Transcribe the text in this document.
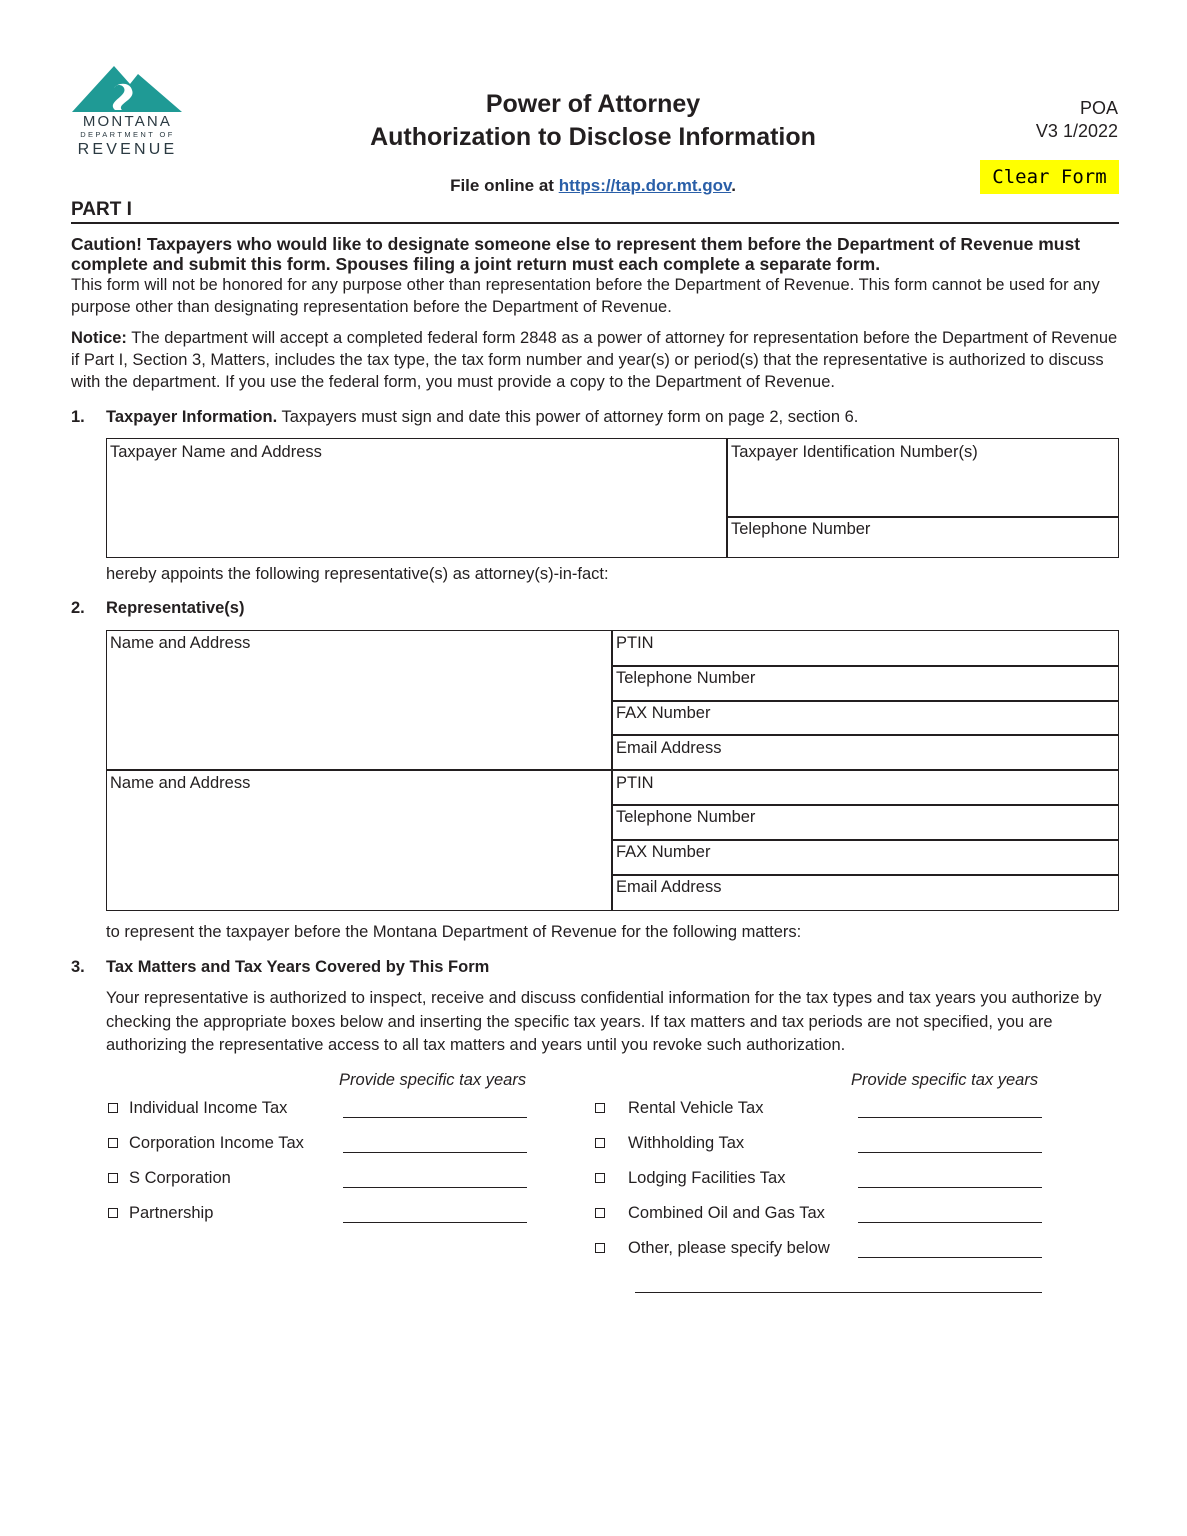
MONTANA
DEPARTMENT OF
REVENUE
Power of Attorney
Authorization to Disclose Information
File online at https://tap.dor.mt.gov.
POA
V3 1/2022
Clear Form
PART I
Caution! Taxpayers who would like to designate someone else to represent them before the Department of Revenue must complete and submit this form. Spouses filing a joint return must each complete a separate form.
This form will not be honored for any purpose other than representation before the Department of Revenue. This form cannot be used for any purpose other than designating representation before the Department of Revenue.
Notice: The department will accept a completed federal form 2848 as a power of attorney for representation before the Department of Revenue if Part I, Section 3, Matters, includes the tax type, the tax form number and year(s) or period(s) that the representative is authorized to discuss with the department. If you use the federal form, you must provide a copy to the Department of Revenue.
1. Taxpayer Information. Taxpayers must sign and date this power of attorney form on page 2, section 6.
Taxpayer Name and Address	Taxpayer Identification Number(s)
Telephone Number
hereby appoints the following representative(s) as attorney(s)-in-fact:
2. Representative(s)
Name and Address	PTIN
Telephone Number
FAX Number
Email Address
Name and Address	PTIN
Telephone Number
FAX Number
Email Address
to represent the taxpayer before the Montana Department of Revenue for the following matters:
3. Tax Matters and Tax Years Covered by This Form
Your representative is authorized to inspect, receive and discuss confidential information for the tax types and tax years you authorize by checking the appropriate boxes below and inserting the specific tax years. If tax matters and tax periods are not specified, you are authorizing the representative access to all tax matters and years until you revoke such authorization.
Provide specific tax years	Provide specific tax years
Individual Income Tax
Corporation Income Tax
S Corporation
Partnership
Rental Vehicle Tax
Withholding Tax
Lodging Facilities Tax
Combined Oil and Gas Tax
Other, please specify below
